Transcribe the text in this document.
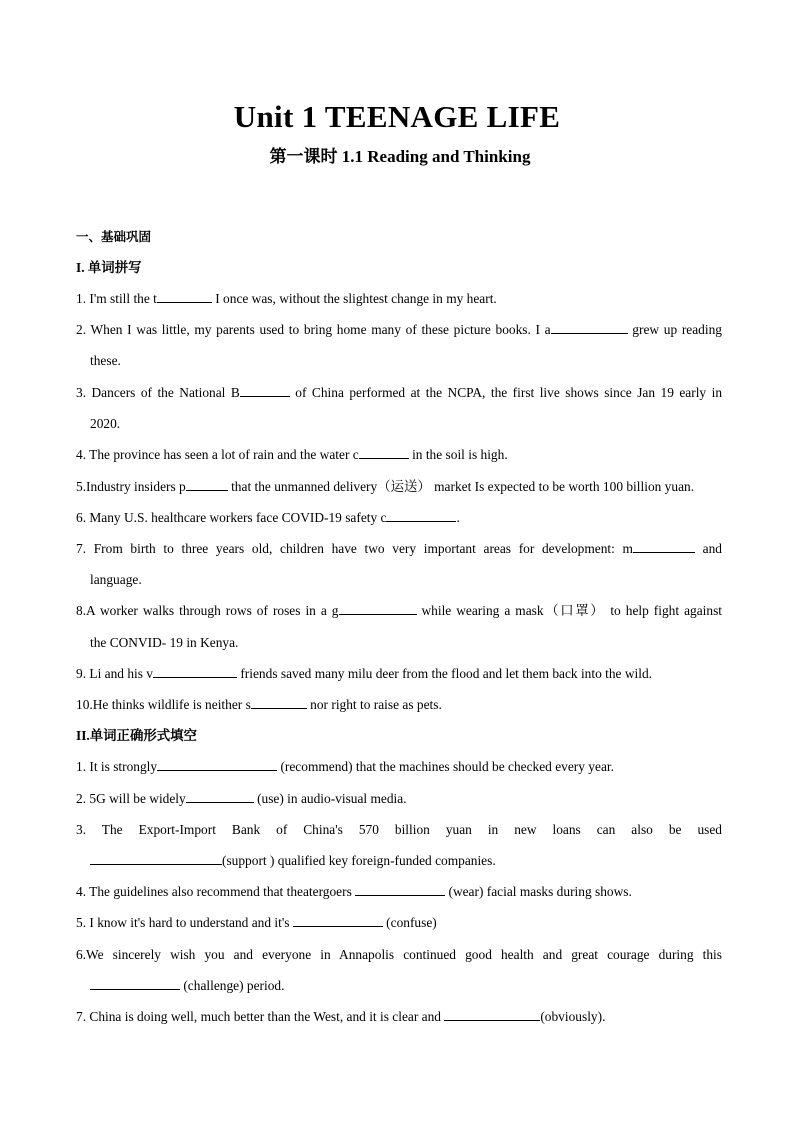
Unit 1 TEENAGE LIFE
第一课时 1.1 Reading and Thinking
一、基础巩固
I. 单词拼写
1. I'm still the t	I once was, without the slightest change in my heart.
2. When I was little, my parents used to bring home many of these picture books. I a	grew up reading
these.
3. Dancers of the National B	of China performed at the NCPA, the first live shows since Jan 19 early in
2020.
4. The province has seen a lot of rain and the water c	in the soil is high.
5.Industry insiders p	that the unmanned delivery（运送） market Is expected to be worth 100 billion yuan.
6. Many U.S. healthcare workers face COVID-19 safety c	.
7. From birth to three years old, children have two very important areas for development: m	and
language.
8.A worker walks through rows of roses in a g	while wearing a mask（口罩） to help fight against
the CONVID- 19 in Kenya.
9. Li and his v	friends saved many milu deer from the flood and let them back into the wild.
10.He thinks wildlife is neither s	nor right to raise as pets.
II.单词正确形式填空
1. It is strongly	(recommend) that the machines should be checked every year.
2. 5G will be widely	(use) in audio-visual media.
3. The Export-Import Bank of China's 570 billion yuan in new loans can also be used
(support ) qualified key foreign-funded companies.
4. The guidelines also recommend that theatergoers	(wear) facial masks during shows.
5. I know it's hard to understand and it's	(confuse)
6.We sincerely wish you and everyone in Annapolis continued good health and great courage during this
(challenge) period.
7. China is doing well, much better than the West, and it is clear and	(obviously).
